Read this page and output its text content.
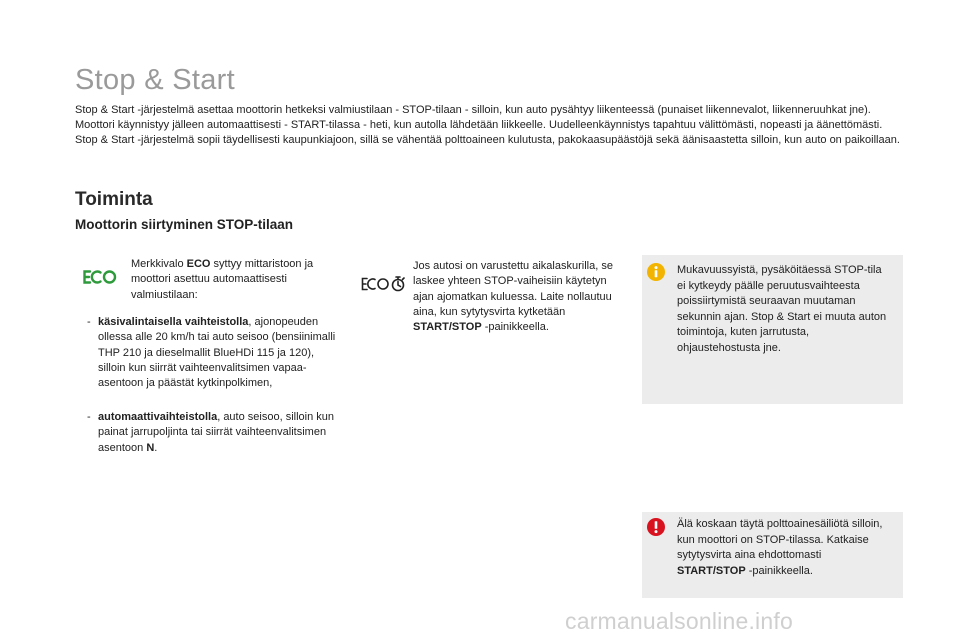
Stop & Start

Stop & Start -järjestelmä asettaa moottorin hetkeksi valmiustilaan - STOP-tilaan - silloin, kun auto pysähtyy liikenteessä (punaiset liikennevalot, liikenneruuhkat jne). Moottori käynnistyy jälleen automaattisesti - START-tilassa - heti, kun autolla lähdetään liikkeelle. Uudelleenkäynnistys tapahtuu välittömästi, nopeasti ja äänettömästi.

Stop & Start -järjestelmä sopii täydellisesti kaupunkiajoon, sillä se vähentää polttoaineen kulutusta, pakokaasupäästöjä sekä äänisaastetta silloin, kun auto on paikoillaan.

Toiminta
Moottorin siirtyminen STOP-tilaan
Merkkivalo ECO syttyy mittaristoon ja moottori asettuu automaattisesti valmiustilaan:
- käsivalintaisella vaihteistolla, ajonopeuden ollessa alle 20 km/h tai auto seisoo (bensiinimalli THP 210 ja dieselmallit BlueHDi 115 ja 120), silloin kun siirrät vaihteenvalitsimen vapaa-asentoon ja päästät kytkinpolkimen,
- automaattivaihteistolla, auto seisoo, silloin kun painat jarrupoljinta tai siirrät vaihteenvalitsimen asentoon N.
Jos autosi on varustettu aikalaskurilla, se laskee yhteen STOP-vaiheisiin käytetyn ajan ajomatkan kuluessa. Laite nollautuu aina, kun sytytysvirta kytketään START/STOP -painikkeella.
Mukavuussyistä, pysäköitäessä STOP-tila ei kytkeydy päälle peruutusvaihteesta poissiirtymistä seuraavan muutaman sekunnin ajan. Stop & Start ei muuta auton toimintoja, kuten jarrutusta, ohjaustehostusta jne.
Älä koskaan täytä polttoainesäiliötä silloin, kun moottori on STOP-tilassa. Katkaise sytytysvirta aina ehdottomasti START/STOP -painikkeella.
carmanualsonline.info
